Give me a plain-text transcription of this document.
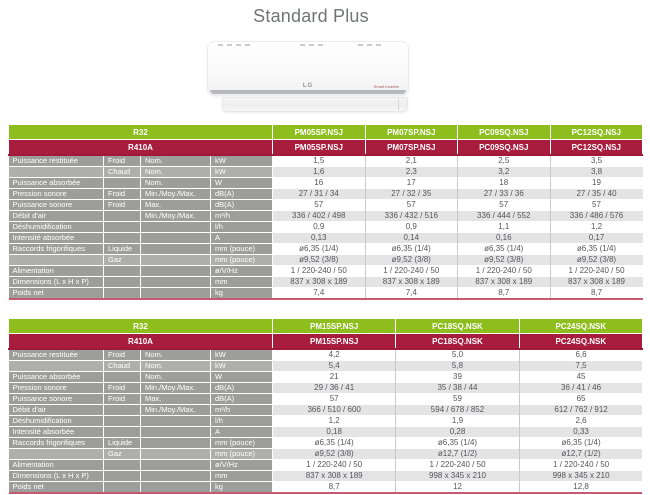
Standard Plus
LG	Smart Inverter
R32				PM05SP.NSJ	PM07SP.NSJ	PC09SQ.NSJ	PC12SQ.NSJ
R410A				PM05SP.NSJ	PM07SP.NSJ	PC09SQ.NSJ	PC12SQ.NSJ
Puissance restituée	Froid	Nom.	kW	1,5	2,1	2,5	3,5
	Chaud	Nom.	kW	1,6	2,3	3,2	3,8
Puissance absorbée		Nom.	W	16	17	18	19
Pression sonore	Froid	Min./Moy./Max.	dB(A)	27 / 31 / 34	27 / 32 / 35	27 / 33 / 36	27 / 35 / 40
Puissance sonore	Froid	Max.	dB(A)	57	57	57	57
Débit d'air		Min./Moy./Max.	m³/h	336 / 402 / 498	336 / 432 / 516	336 / 444 / 552	336 / 486 / 576
Déshumidification			l/h	0,9	0,9	1,1	1,2
Intensité absorbée			A	0,13	0,14	0,16	0,17
Raccords frigorifiques	Liquide		mm (pouce)	ø6,35 (1/4)	ø6,35 (1/4)	ø6,35 (1/4)	ø6,35 (1/4)
	Gaz		mm (pouce)	ø9,52 (3/8)	ø9,52 (3/8)	ø9,52 (3/8)	ø9,52 (3/8)
Alimentation			ø/V/Hz	1 / 220-240 / 50	1 / 220-240 / 50	1 / 220-240 / 50	1 / 220-240 / 50
Dimensions (L x H x P)			mm	837 x 308 x 189	837 x 308 x 189	837 x 308 x 189	837 x 308 x 189
Poids net			kg	7,4	7,4	8,7	8,7
R32				PM15SP.NSJ	PC18SQ.NSK	PC24SQ.NSK
R410A				PM15SP.NSJ	PC18SQ.NSK	PC24SQ.NSK
Puissance restituée	Froid	Nom.	kW	4,2	5,0	6,6
	Chaud	Nom.	kW	5,4	5,8	7,5
Puissance absorbée		Nom.	W	21	39	45
Pression sonore	Froid	Min./Moy./Max.	dB(A)	29 / 36 / 41	35 / 38 / 44	36 / 41 / 46
Puissance sonore	Froid	Max.	dB(A)	57	59	65
Débit d'air		Min./Moy./Max.	m³/h	366 / 510 / 600	594 / 678 / 852	612 / 762 / 912
Déshumidification			l/h	1,2	1,9	2,6
Intensité absorbée			A	0,18	0,28	0,33
Raccords frigorifiques	Liquide		mm (pouce)	ø6,35 (1/4)	ø6,35 (1/4)	ø6,35 (1/4)
	Gaz		mm (pouce)	ø9,52 (3/8)	ø12,7 (1/2)	ø12,7 (1/2)
Alimentation			ø/V/Hz	1 / 220-240 / 50	1 / 220-240 / 50	1 / 220-240 / 50
Dimensions (L x H x P)			mm	837 x 308 x 189	998 x 345 x 210	998 x 345 x 210
Poids net			kg	8,7	12	12,8
